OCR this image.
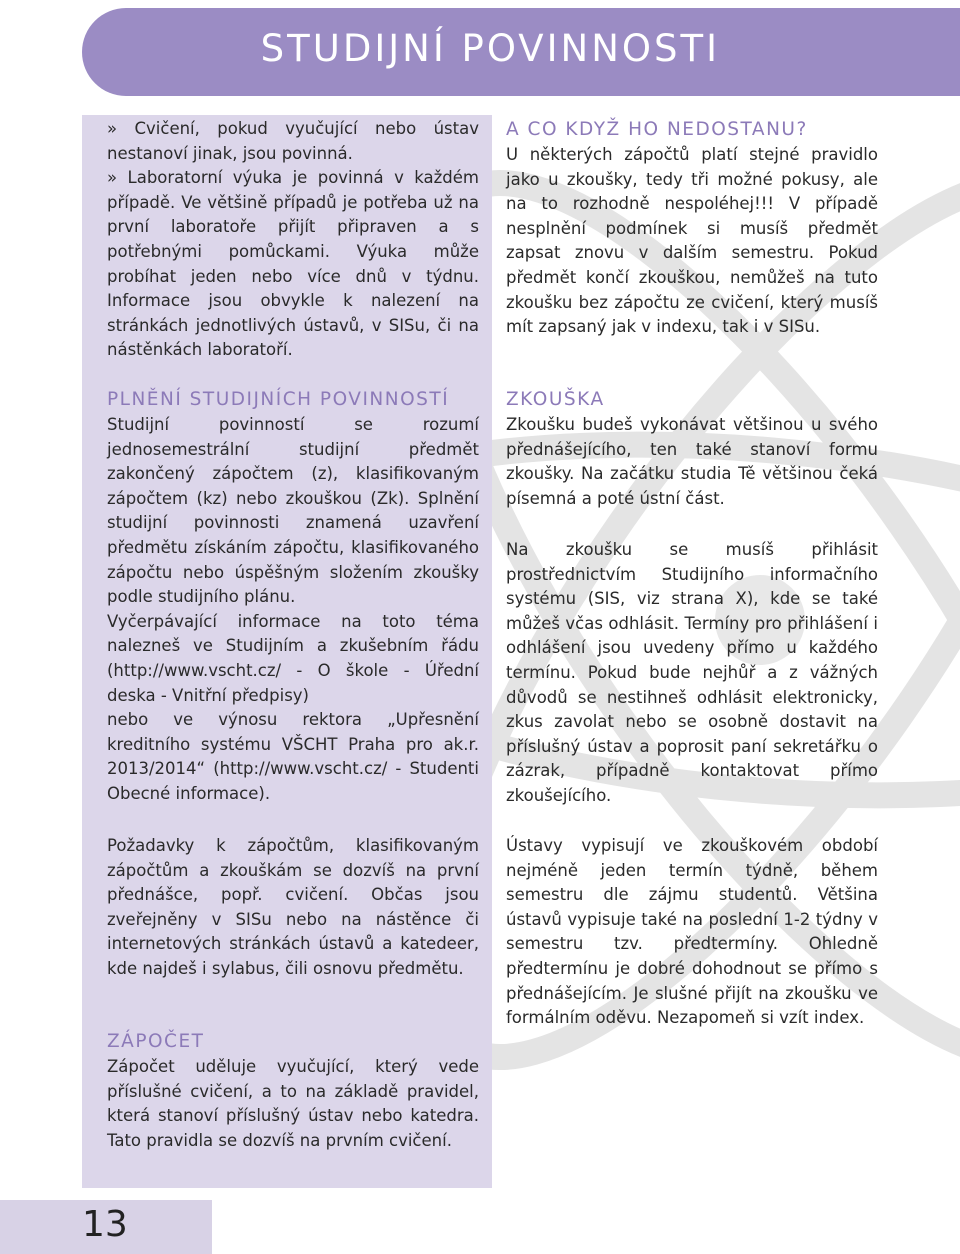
STUDIJNÍ POVINNOSTI

» Cvičení, pokud vyučující nebo ústav nestanoví jinak, jsou povinná.

» Laboratorní výuka je povinná v každém případě. Ve většině případů je potřeba už na první laboratoře přijít připraven a s potřebnými pomůckami. Výuka může probíhat jeden nebo více dnů v týdnu. Informace jsou obvykle k nalezení na stránkách jednotlivých ústavů, v SISu, či na nástěnkách laboratoří.

PLNĚNÍ STUDIJNÍCH POVINNOSTÍ

Studijní povinností se rozumí jednosemestrální studijní předmět zakončený zápočtem (z), klasifikovaným zápočtem (kz) nebo zkouškou (Zk). Splnění studijní povinnosti znamená uzavření předmětu získáním zápočtu, klasifikovaného zápočtu nebo úspěšným složením zkoušky podle studijního plánu.

Vyčerpávající informace na toto téma nalezneš ve Studijním a zkušebním řádu (http://www.vscht.cz/ - O škole - Úřední deska - Vnitřní předpisy)

nebo ve výnosu rektora „Upřesnění kreditního systému VŠCHT Praha pro ak.r. 2013/2014“ (http://www.vscht.cz/ - Studenti Obecné informace).

Požadavky k zápočtům, klasifikovaným zápočtům a zkouškám se dozvíš na první přednášce, popř. cvičení. Občas jsou zveřejněny v SISu nebo na nástěnce či internetových stránkách ústavů a katedeer, kde najdeš i sylabus, čili osnovu předmětu.

ZÁPOČET

Zápočet uděluje vyučující, který vede příslušné cvičení, a to na základě pravidel, která stanoví příslušný ústav nebo katedra. Tato pravidla se dozvíš na prvním cvičení.

A CO KDYŽ HO NEDOSTANU?

U některých zápočtů platí stejné pravidlo jako u zkoušky, tedy tři možné pokusy, ale na to rozhodně nespoléhej!!! V případě nesplnění podmínek si musíš předmět zapsat znovu v dalším semestru. Pokud předmět končí zkouškou, nemůžeš na tuto zkoušku bez zápočtu ze cvičení, který musíš mít zapsaný jak v indexu, tak i v SISu.

ZKOUŠKA

Zkoušku budeš vykonávat většinou u svého přednášejícího, ten také stanoví formu zkoušky. Na začátku studia Tě většinou čeká písemná a poté ústní část.

Na zkoušku se musíš přihlásit prostřednictvím Studijního informačního systému (SIS, viz strana X), kde se také můžeš včas odhlásit. Termíny pro přihlášení i odhlášení jsou uvedeny přímo u každého termínu. Pokud bude nejhůř a z vážných důvodů se nestihneš odhlásit elektronicky, zkus zavolat nebo se osobně dostavit na příslušný ústav a poprosit paní sekretářku o zázrak, případně kontaktovat přímo zkoušejícího.

Ústavy vypisují ve zkouškovém období nejméně jeden termín týdně, během semestru dle zájmu studentů. Většina ústavů vypisuje také na poslední 1-2 týdny v semestru tzv. předtermíny. Ohledně předtermínu je dobré dohodnout se přímo s přednášejícím. Je slušné přijít na zkoušku ve formálním oděvu. Nezapomeň si vzít index.

13
